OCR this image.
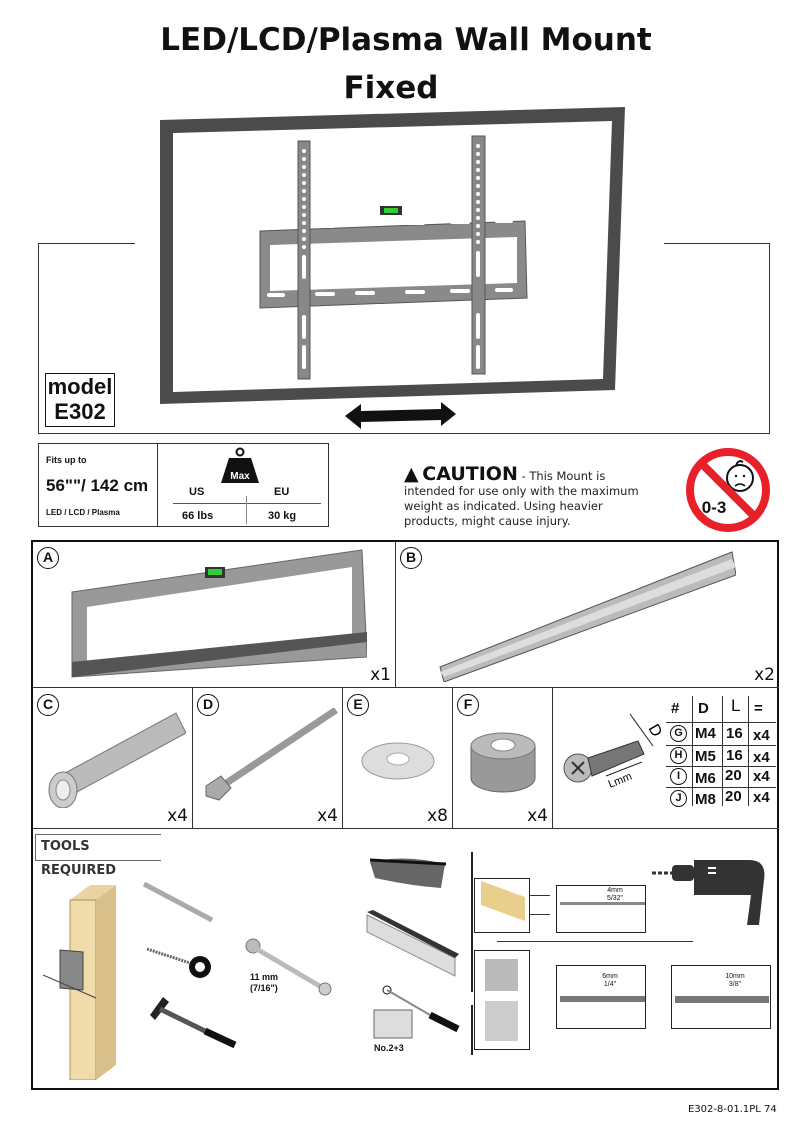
LED/LCD/Plasma Wall Mount
Fixed
model
E302
Fits up to
56""/ 142 cm
LED / LCD / Plasma
Max
US	EU
66 lbs	30 kg
▲ CAUTION - This Mount is intended for use only with the maximum weight as indicated. Using heavier products, might cause injury.
0-3
A
x1
B
x2
C
x4
D
x4
E
x8
F
x4
D
Lmm
# D L =
G M4 16 x4
H M5 16 x4
I M6 20 x4
J M8 20 x4
TOOLS REQUIRED
11 mm
(7/16")
No.2+3
4mm
5/32"
6mm
1/4"
10mm
3/8"
E302-8-01.1PL 74
